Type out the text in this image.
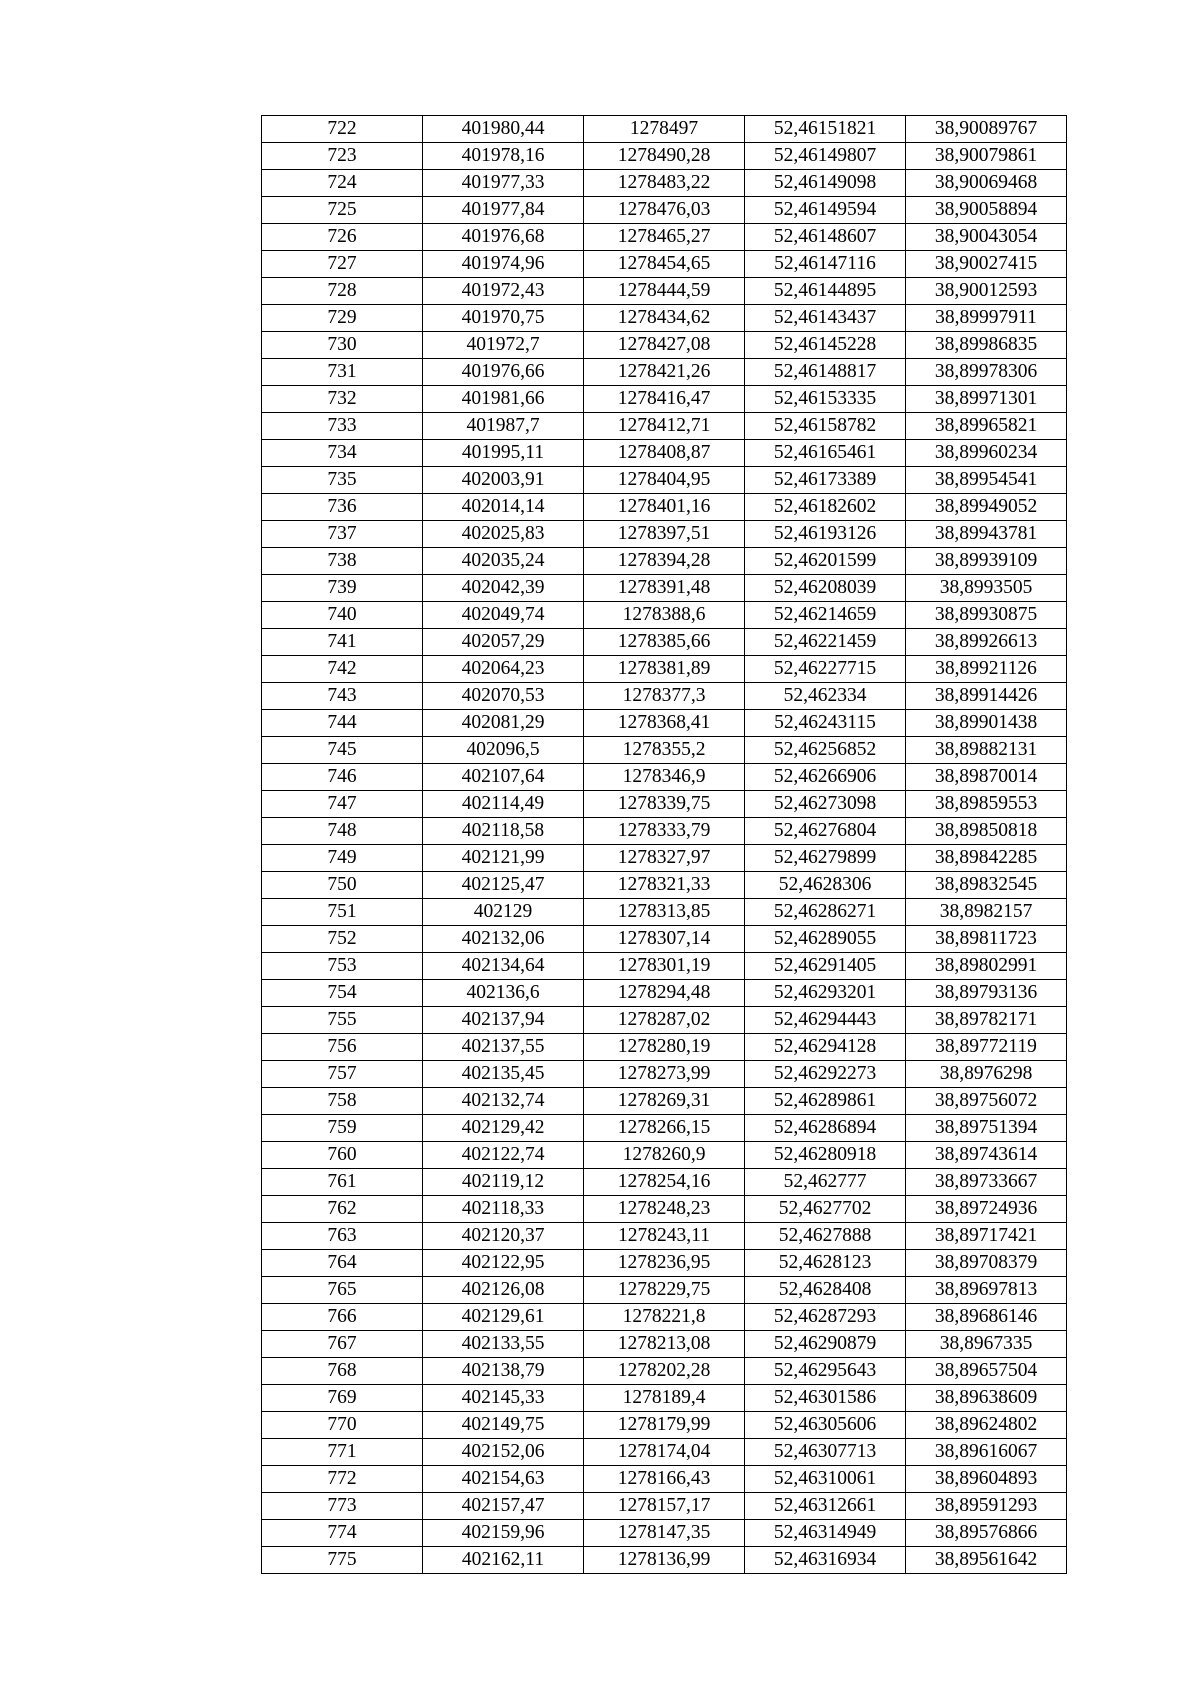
722	401980,44	1278497	52,46151821	38,90089767
723	401978,16	1278490,28	52,46149807	38,90079861
724	401977,33	1278483,22	52,46149098	38,90069468
725	401977,84	1278476,03	52,46149594	38,90058894
726	401976,68	1278465,27	52,46148607	38,90043054
727	401974,96	1278454,65	52,46147116	38,90027415
728	401972,43	1278444,59	52,46144895	38,90012593
729	401970,75	1278434,62	52,46143437	38,89997911
730	401972,7	1278427,08	52,46145228	38,89986835
731	401976,66	1278421,26	52,46148817	38,89978306
732	401981,66	1278416,47	52,46153335	38,89971301
733	401987,7	1278412,71	52,46158782	38,89965821
734	401995,11	1278408,87	52,46165461	38,89960234
735	402003,91	1278404,95	52,46173389	38,89954541
736	402014,14	1278401,16	52,46182602	38,89949052
737	402025,83	1278397,51	52,46193126	38,89943781
738	402035,24	1278394,28	52,46201599	38,89939109
739	402042,39	1278391,48	52,46208039	38,8993505
740	402049,74	1278388,6	52,46214659	38,89930875
741	402057,29	1278385,66	52,46221459	38,89926613
742	402064,23	1278381,89	52,46227715	38,89921126
743	402070,53	1278377,3	52,462334	38,89914426
744	402081,29	1278368,41	52,46243115	38,89901438
745	402096,5	1278355,2	52,46256852	38,89882131
746	402107,64	1278346,9	52,46266906	38,89870014
747	402114,49	1278339,75	52,46273098	38,89859553
748	402118,58	1278333,79	52,46276804	38,89850818
749	402121,99	1278327,97	52,46279899	38,89842285
750	402125,47	1278321,33	52,4628306	38,89832545
751	402129	1278313,85	52,46286271	38,8982157
752	402132,06	1278307,14	52,46289055	38,89811723
753	402134,64	1278301,19	52,46291405	38,89802991
754	402136,6	1278294,48	52,46293201	38,89793136
755	402137,94	1278287,02	52,46294443	38,89782171
756	402137,55	1278280,19	52,46294128	38,89772119
757	402135,45	1278273,99	52,46292273	38,8976298
758	402132,74	1278269,31	52,46289861	38,89756072
759	402129,42	1278266,15	52,46286894	38,89751394
760	402122,74	1278260,9	52,46280918	38,89743614
761	402119,12	1278254,16	52,462777	38,89733667
762	402118,33	1278248,23	52,4627702	38,89724936
763	402120,37	1278243,11	52,4627888	38,89717421
764	402122,95	1278236,95	52,4628123	38,89708379
765	402126,08	1278229,75	52,4628408	38,89697813
766	402129,61	1278221,8	52,46287293	38,89686146
767	402133,55	1278213,08	52,46290879	38,8967335
768	402138,79	1278202,28	52,46295643	38,89657504
769	402145,33	1278189,4	52,46301586	38,89638609
770	402149,75	1278179,99	52,46305606	38,89624802
771	402152,06	1278174,04	52,46307713	38,89616067
772	402154,63	1278166,43	52,46310061	38,89604893
773	402157,47	1278157,17	52,46312661	38,89591293
774	402159,96	1278147,35	52,46314949	38,89576866
775	402162,11	1278136,99	52,46316934	38,89561642
